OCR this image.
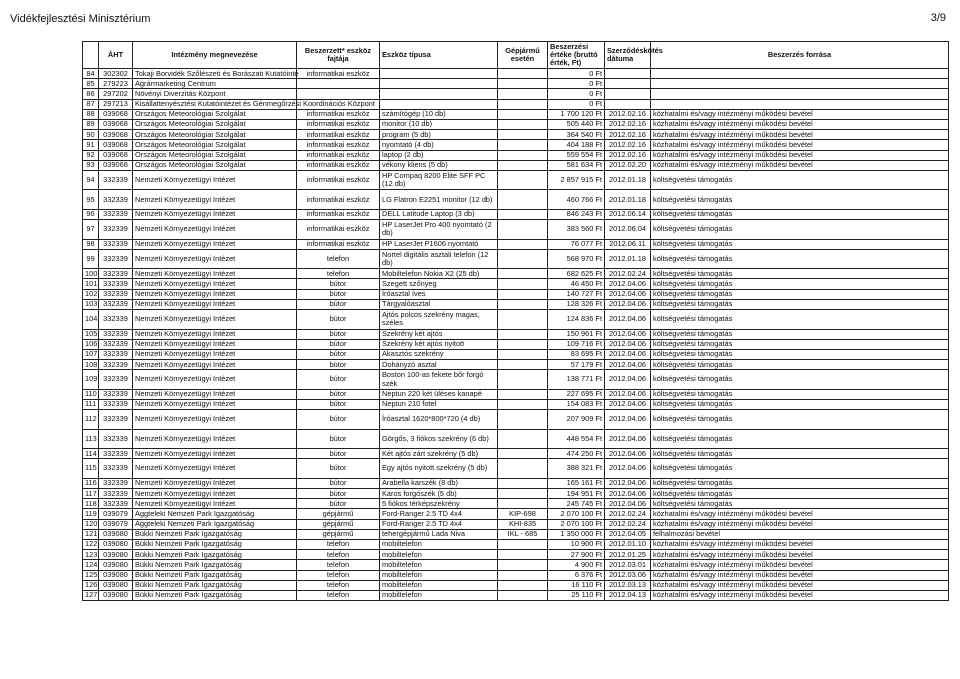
Vidékfejlesztési Minisztérium	3/9
	ÁHT	Intézmény megnevezése	Beszerzett* eszköz fajtája	Eszköz típusa	Gépjármű esetén	Beszerzési értéke (bruttó érték, Ft)	Szerződéskötés dátuma	Beszerzés forrása
84	302302	Tokaji Borvidék Szőlészeti és Borászati Kutatóinté	informatikai eszköz			0 Ft		
85	279223	Agrármarketing Centrum				0 Ft		
86	297202	Növényi Diverzitás Központ				0 Ft		
87	297213	Kisállattenyésztési Kutatóintézet és Génmegőrzési Koordinációs Központ				0 Ft		
88	039068	Országos Meteorológiai Szolgálat	informatikai eszköz	számítógép (10 db)		1 700 120 Ft	2012.02.16	közhatalmi és/vagy intézményi működési bevétel
89	039068	Országos Meteorológiai Szolgálat	informatikai eszköz	monitor (10 db)		505 440 Ft	2012.02.16	közhatalmi és/vagy intézményi működési bevétel
90	039068	Országos Meteorológiai Szolgálat	informatikai eszköz	program (5 db)		364 540 Ft	2012.02.16	közhatalmi és/vagy intézményi működési bevétel
91	039068	Országos Meteorológiai Szolgálat	informatikai eszköz	nyomtató (4 db)		404 188 Ft	2012.02.16	közhatalmi és/vagy intézményi működési bevétel
92	039068	Országos Meteorológiai Szolgálat	informatikai eszköz	laptop (2 db)		559 554 Ft	2012.02.16	közhatalmi és/vagy intézményi működési bevétel
93	039068	Országos Meteorológiai Szolgálat	informatikai eszköz	vékony kliens (5 db)		581 634 Ft	2012.02.20	közhatalmi és/vagy intézményi működési bevétel
94	332339	Nemzeti Környezetügyi Intézet	informatikai eszköz	HP Compaq 8200 Elite SFF PC (12 db)		2 857 915 Ft	2012.01.18	költségvetési támogatás
95	332339	Nemzeti Környezetügyi Intézet	informatikai eszköz	LG Flatron E2251 monitor (12 db)		460 766 Ft	2012.01.18	költségvetési támogatás
96	332339	Nemzeti Környezetügyi Intézet	informatikai eszköz	DELL Latitude Laptop (3 db)		846 243 Ft	2012.06.14	költségvetési támogatás
97	332339	Nemzeti Környezetügyi Intézet	informatikai eszköz	HP LaserJet Pro 400 nyomtató (2 db)		383 560 Ft	2012.06.04	költségvetési támogatás
98	332339	Nemzeti Környezetügyi Intézet	informatikai eszköz	HP LaserJet P1606 nyomtató		76 077 Ft	2012.06.11	költségvetési támogatás
99	332339	Nemzeti Környezetügyi Intézet	telefon	Nortel digitális asztali telefon (12 db)		568 970 Ft	2012.01.18	költségvetési támogatás
100	332339	Nemzeti Környezetügyi Intézet	telefon	Mobiltelefon Nokia X2 (25 db)		682 625 Ft	2012.02.24	költségvetési támogatás
101	332339	Nemzeti Környezetügyi Intézet	bútor	Szegett szőnyeg		46 450 Ft	2012.04.06	költségvetési támogatás
102	332339	Nemzeti Környezetügyi Intézet	bútor	Íróasztal íves		140 727 Ft	2012.04.06	költségvetési támogatás
103	332339	Nemzeti Környezetügyi Intézet	bútor	Tárgyalóasztal		128 326 Ft	2012.04.06	költségvetési támogatás
104	332339	Nemzeti Környezetügyi Intézet	bútor	Ajtós polcos szekrény magas, széles		124 836 Ft	2012.04.06	költségvetési támogatás
105	332339	Nemzeti Környezetügyi Intézet	bútor	Szekrény két ajtós		150 961 Ft	2012.04.06	költségvetési támogatás
106	332339	Nemzeti Környezetügyi Intézet	bútor	Szekrény két ajtós nyitott		109 716 Ft	2012.04.06	költségvetési támogatás
107	332339	Nemzeti Környezetügyi Intézet	bútor	Akasztós szekrény		83 695 Ft	2012.04.06	költségvetési támogatás
108	332339	Nemzeti Környezetügyi Intézet	bútor	Dohányzó asztal		57 179 Ft	2012.04.06	költségvetési támogatás
109	332339	Nemzeti Környezetügyi Intézet	bútor	Boston 100-as fekete bőr forgó szék		138 771 Ft	2012.04.06	költségvetési támogatás
110	332339	Nemzeti Környezetügyi Intézet	bútor	Neptun 220 két üléses kanapé		227 695 Ft	2012.04.06	költségvetési támogatás
111	332339	Nemzeti Környezetügyi Intézet	bútor	Neptun 210 fotel		154 083 Ft	2012.04.06	költségvetési támogatás
112	332339	Nemzeti Környezetügyi Intézet	bútor	Íróasztal 1620*800*720 (4 db)		207 909 Ft	2012.04.06	költségvetési támogatás
113	332339	Nemzeti Környezetügyi Intézet	bútor	Görgős, 3 fiókos szekrény (6 db)		448 554 Ft	2012.04.06	költségvetési támogatás
114	332339	Nemzeti Környezetügyi Intézet	bútor	Két ajtós zárt szekrény (5 db)		474 250 Ft	2012.04.06	költségvetési támogatás
115	332339	Nemzeti Környezetügyi Intézet	bútor	Egy ajtós nyitott szekrény (5 db)		388 321 Ft	2012.04.06	költségvetési támogatás
116	332339	Nemzeti Környezetügyi Intézet	bútor	Arabella karszék (8 db)		165 161 Ft	2012.04.06	költségvetési támogatás
117	332339	Nemzeti Környezetügyi Intézet	bútor	Karos forgószék (5 db)		194 951 Ft	2012.04.06	költségvetési támogatás
118	332339	Nemzeti Környezetügyi Intézet	bútor	5 fiókos térképszekrény		245 745 Ft	2012.04.06	költségvetési támogatás
119	039079	Aggteleki Nemzeti Park Igazgatóság	gépjármű	Ford-Ranger 2.5 TD 4x4	KIP-698	2 070 100 Ft	2012.02.24	közhatalmi és/vagy intézményi működési bevétel
120	039079	Aggteleki Nemzeti Park Igazgatóság	gépjármű	Ford-Ranger 2.5 TD 4x4	KHI-835	2 070 100 Ft	2012.02.24	közhatalmi és/vagy intézményi működési bevétel
121	039080	Bükki Nemzeti Park Igazgatóság	gépjármű	tehergépjármű Lada Niva	IKL - 685	1 350 000 Ft	2012.04.05	felhalmozási bevétel
122	039080	Bükki Nemzeti Park Igazgatóság	telefon	mobiltelefon		10 900 Ft	2012.01.10	közhatalmi és/vagy intézményi működési bevétel
123	039080	Bükki Nemzeti Park Igazgatóság	telefon	mobiltelefon		27 900 Ft	2012.01.25	közhatalmi és/vagy intézményi működési bevétel
124	039080	Bükki Nemzeti Park Igazgatóság	telefon	mobiltelefon		4 900 Ft	2012.03.01	közhatalmi és/vagy intézményi működési bevétel
125	039080	Bükki Nemzeti Park Igazgatóság	telefon	mobiltelefon		6 376 Ft	2012.03.06	közhatalmi és/vagy intézményi működési bevétel
126	039080	Bükki Nemzeti Park Igazgatóság	telefon	mobiltelefon		16 110 Ft	2012.03.13	közhatalmi és/vagy intézményi működési bevétel
127	039080	Bükki Nemzeti Park Igazgatóság	telefon	mobiltelefon		25 110 Ft	2012.04.13	közhatalmi és/vagy intézményi működési bevétel
